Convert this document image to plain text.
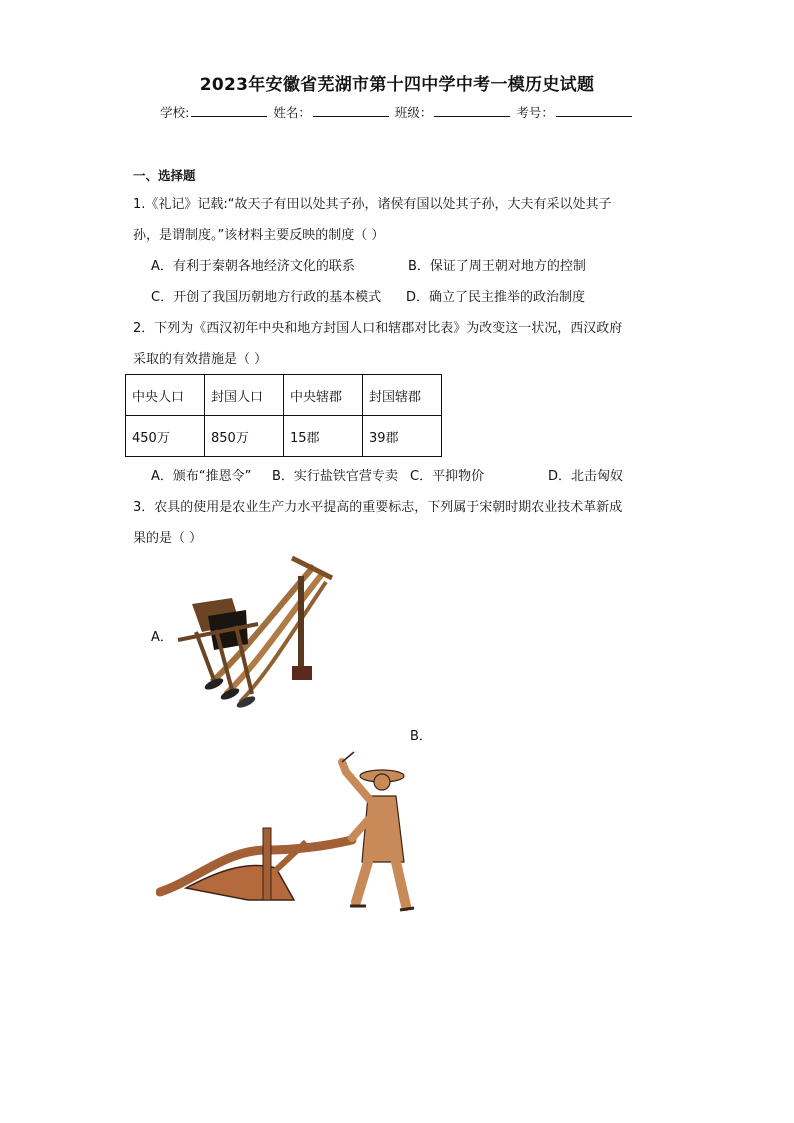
2023年安徽省芜湖市第十四中学中考一模历史试题
学校:	姓名：	班级：	考号：
一、选择题
1.《礼记》记载:“故天子有田以处其子孙，诸侯有国以处其子孙，大夫有采以处其子
孙，是谓制度。”该材料主要反映的制度（ ）
A．有利于秦朝各地经济文化的联系	B．保证了周王朝对地方的控制
C．开创了我国历朝地方行政的基本模式 D．确立了民主推举的政治制度
2．下列为《西汉初年中央和地方封国人口和辖郡对比表》为改变这一状况，西汉政府
采取的有效措施是（ ）
中央人口	封国人口	中央辖郡	封国辖郡
450万	850万	15郡	39郡
A．颁布“推恩令” B．实行盐铁官营专卖 C．平抑物价	D．北击匈奴
3．农具的使用是农业生产力水平提高的重要标志，下列属于宋朝时期农业技术革新成
果的是（ ）
A．
B．
